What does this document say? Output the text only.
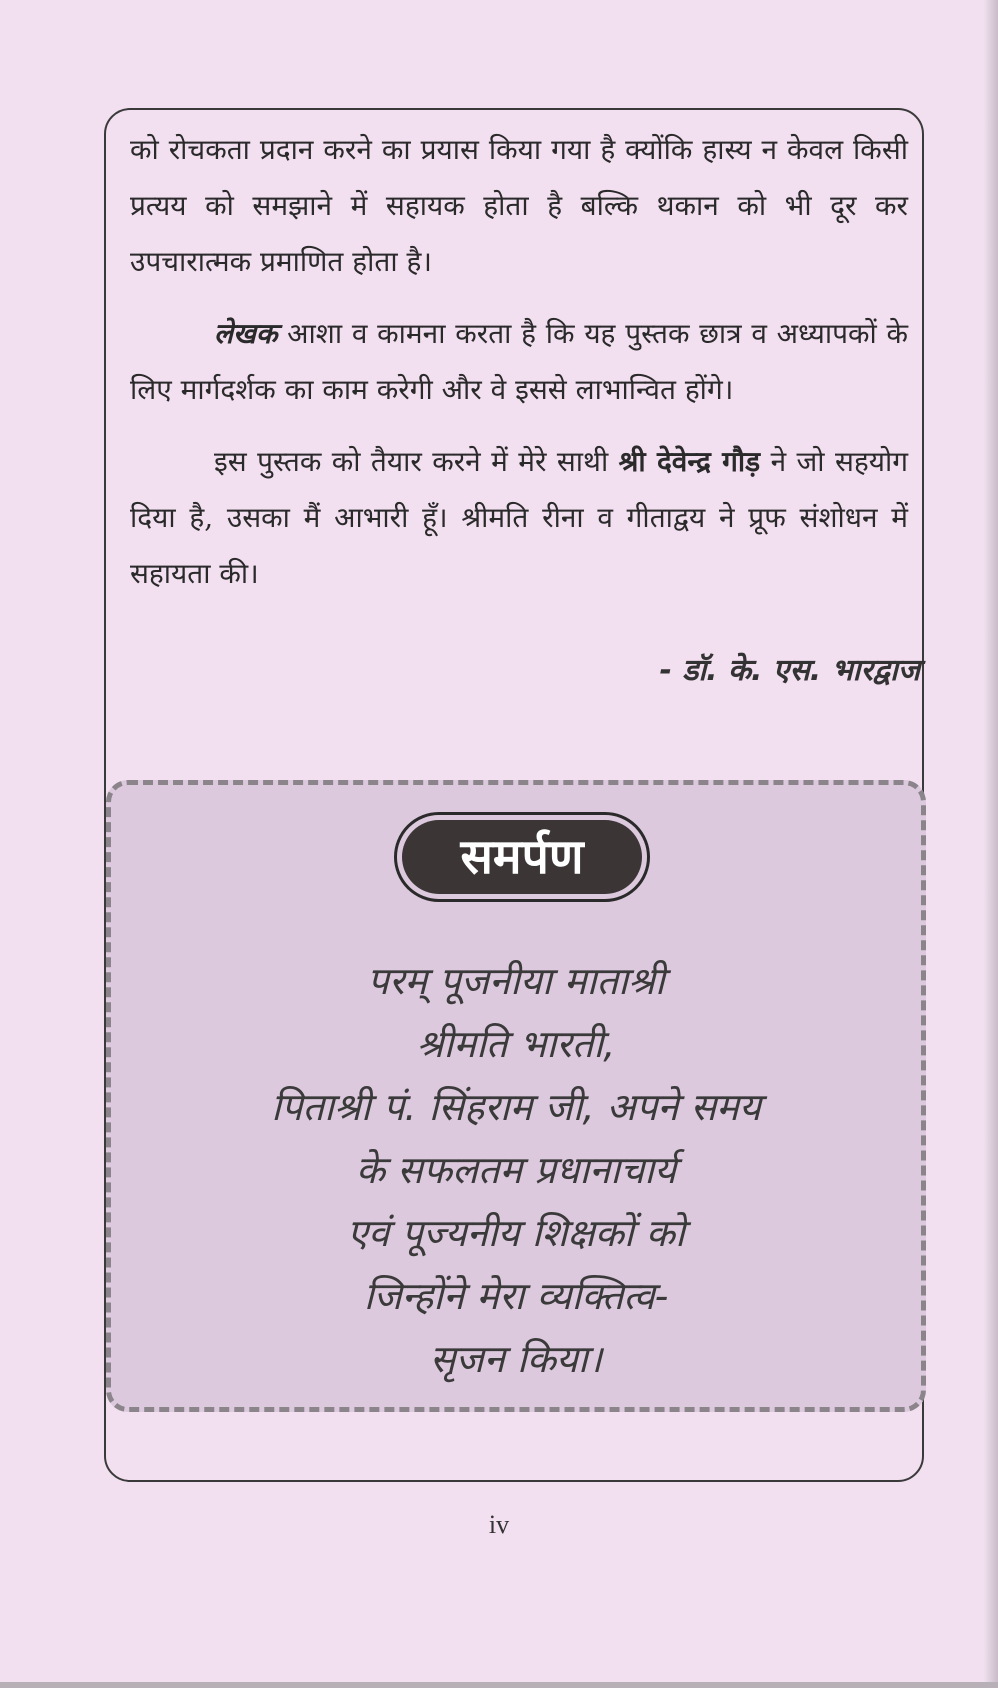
को रोचकता प्रदान करने का प्रयास किया गया है क्योंकि हास्य न केवल किसी प्रत्यय को समझाने में सहायक होता है बल्कि थकान को भी दूर कर उपचारात्मक प्रमाणित होता है।

लेखक आशा व कामना करता है कि यह पुस्तक छात्र व अध्यापकों के लिए मार्गदर्शक का काम करेगी और वे इससे लाभान्वित होंगे।

इस पुस्तक को तैयार करने में मेरे साथी श्री देवेन्द्र गौड़ ने जो सहयोग दिया है, उसका मैं आभारी हूँ। श्रीमति रीना व गीताद्वय ने प्रूफ संशोधन में सहायता की।

- डॉ. के. एस. भारद्वाज
समर्पण
परम् पूजनीया माताश्री
श्रीमति भारती,
पिताश्री पं. सिंहराम जी, अपने समय
के सफलतम प्रधानाचार्य
एवं पूज्यनीय शिक्षकों को
जिन्होंने मेरा व्यक्तित्व-
सृजन किया।
iv
